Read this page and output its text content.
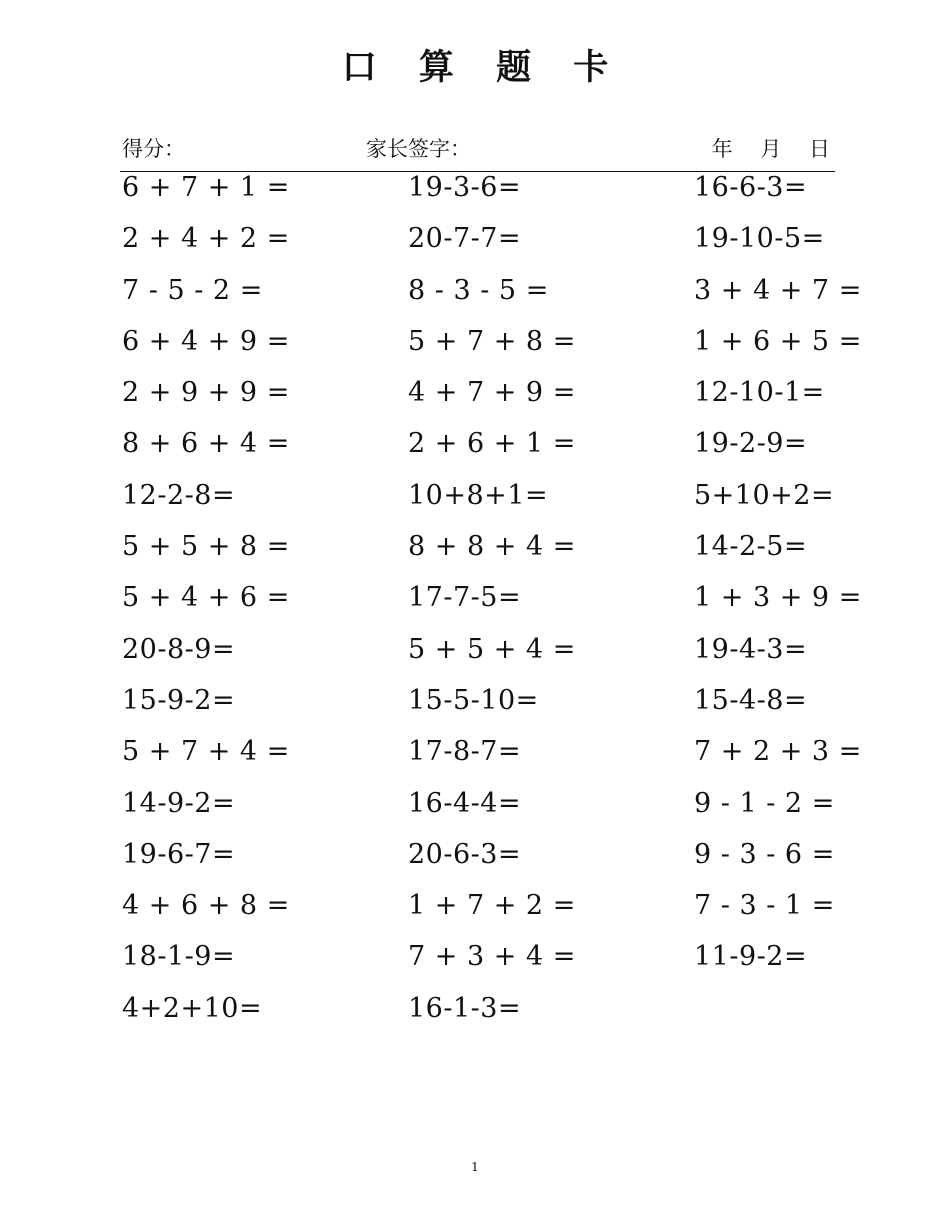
口 算 题 卡
得分：	家长签字：	年　 月　 日
6 + 7 + 1 =	19-3-6=	16-6-3=
2 + 4 + 2 =	20-7-7=	19-10-5=
7 - 5 - 2 =	8 - 3 - 5 =	3 + 4 + 7 =
6 + 4 + 9 =	5 + 7 + 8 =	1 + 6 + 5 =
2 + 9 + 9 =	4 + 7 + 9 =	12-10-1=
8 + 6 + 4 =	2 + 6 + 1 =	19-2-9=
12-2-8=	10+8+1=	5+10+2=
5 + 5 + 8 =	8 + 8 + 4 =	14-2-5=
5 + 4 + 6 =	17-7-5=	1 + 3 + 9 =
20-8-9=	5 + 5 + 4 =	19-4-3=
15-9-2=	15-5-10=	15-4-8=
5 + 7 + 4 =	17-8-7=	7 + 2 + 3 =
14-9-2=	16-4-4=	9 - 1 - 2 =
19-6-7=	20-6-3=	9 - 3 - 6 =
4 + 6 + 8 =	1 + 7 + 2 =	7 - 3 - 1 =
18-1-9=	7 + 3 + 4 =	11-9-2=
4+2+10=	16-1-3=
1
